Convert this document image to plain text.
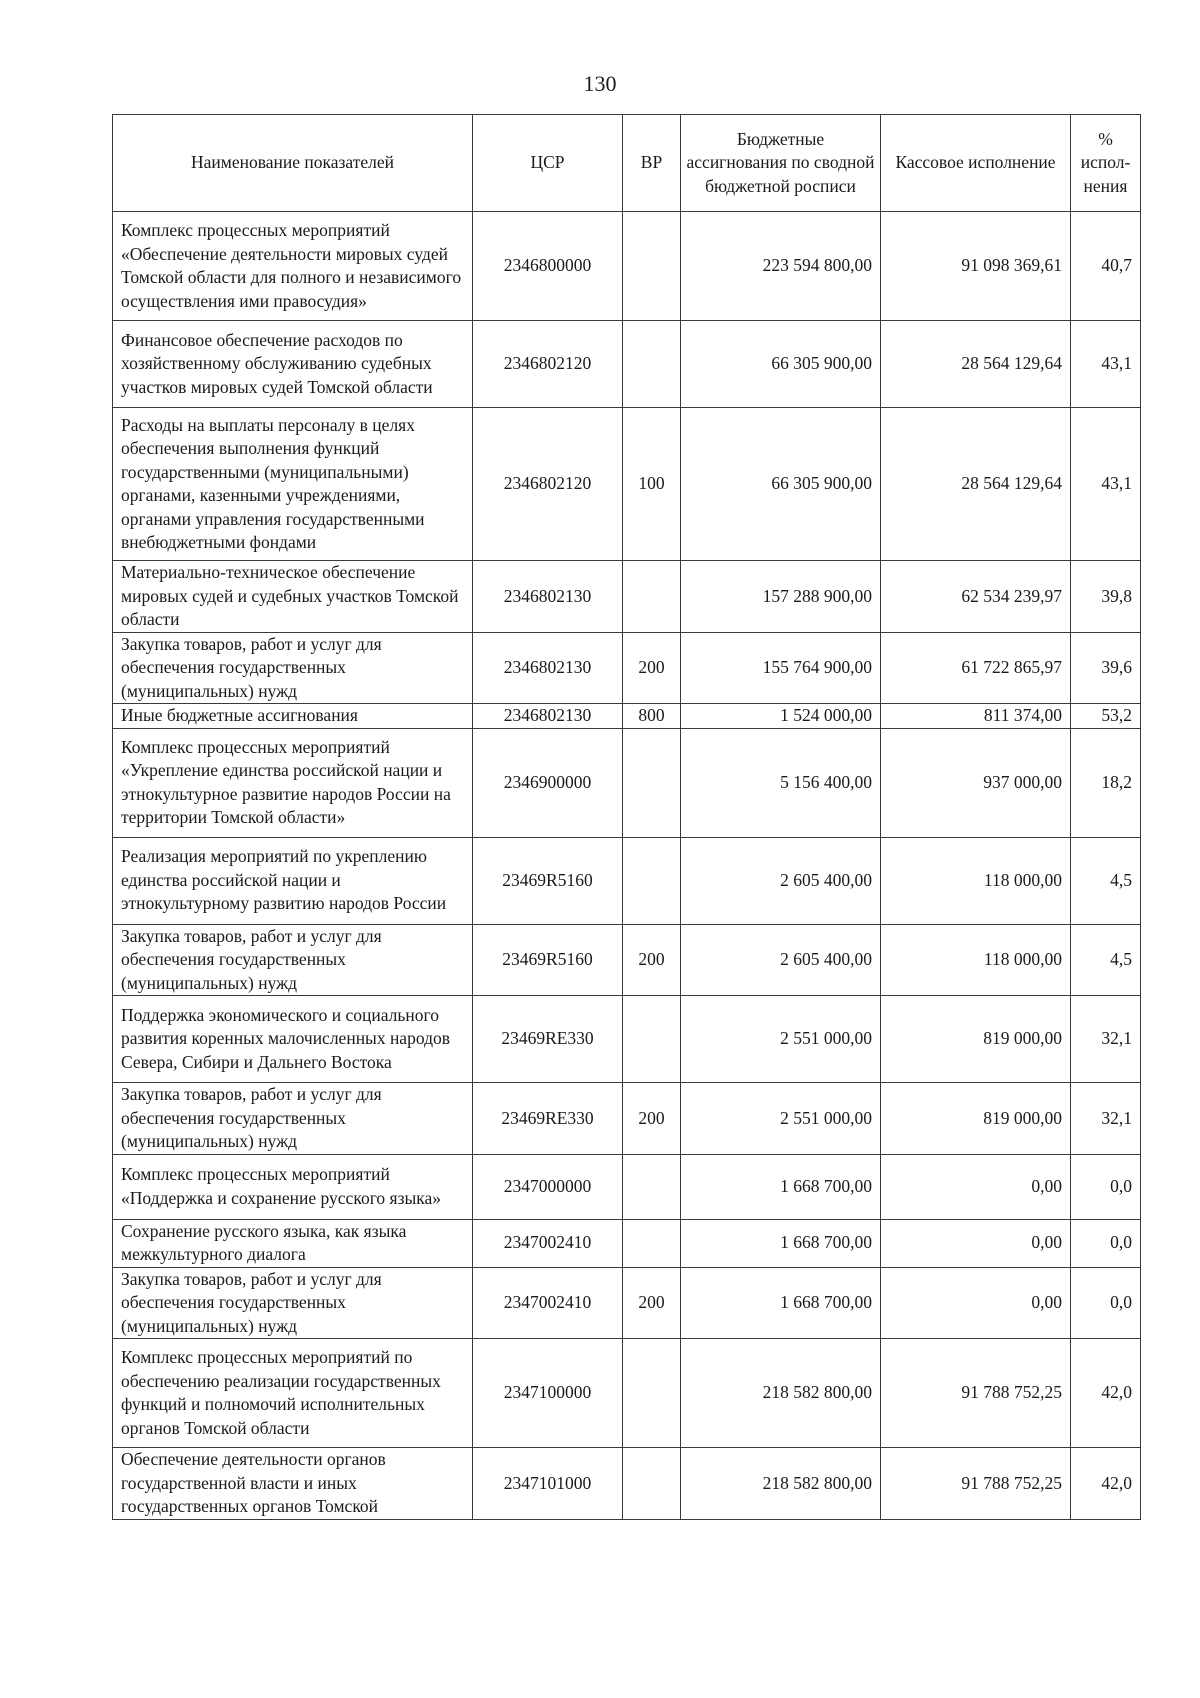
130
Наименование показателей	ЦСР	ВР	Бюджетные ассигнования по сводной бюджетной росписи	Кассовое исполнение	% испол-нения
Комплекс процессных мероприятий «Обеспечение деятельности мировых судей Томской области для полного и независимого осуществления ими правосудия»	2346800000		223 594 800,00	91 098 369,61	40,7
Финансовое обеспечение расходов по хозяйственному обслуживанию судебных участков мировых судей Томской области	2346802120		66 305 900,00	28 564 129,64	43,1
Расходы на выплаты персоналу в целях обеспечения выполнения функций государственными (муниципальными) органами, казенными учреждениями, органами управления государственными внебюджетными фондами	2346802120	100	66 305 900,00	28 564 129,64	43,1
Материально-техническое обеспечение мировых судей и судебных участков Томской области	2346802130		157 288 900,00	62 534 239,97	39,8
Закупка товаров, работ и услуг для обеспечения государственных (муниципальных) нужд	2346802130	200	155 764 900,00	61 722 865,97	39,6
Иные бюджетные ассигнования	2346802130	800	1 524 000,00	811 374,00	53,2
Комплекс процессных мероприятий «Укрепление единства российской нации и этнокультурное развитие народов России на территории Томской области»	2346900000		5 156 400,00	937 000,00	18,2
Реализация мероприятий по укреплению единства российской нации и этнокультурному развитию народов России	23469R5160		2 605 400,00	118 000,00	4,5
Закупка товаров, работ и услуг для обеспечения государственных (муниципальных) нужд	23469R5160	200	2 605 400,00	118 000,00	4,5
Поддержка экономического и социального развития коренных малочисленных народов Севера, Сибири и Дальнего Востока	23469RE330		2 551 000,00	819 000,00	32,1
Закупка товаров, работ и услуг для обеспечения государственных (муниципальных) нужд	23469RE330	200	2 551 000,00	819 000,00	32,1
Комплекс процессных мероприятий «Поддержка и сохранение русского языка»	2347000000		1 668 700,00	0,00	0,0
Сохранение русского языка, как языка межкультурного диалога	2347002410		1 668 700,00	0,00	0,0
Закупка товаров, работ и услуг для обеспечения государственных (муниципальных) нужд	2347002410	200	1 668 700,00	0,00	0,0
Комплекс процессных мероприятий по обеспечению реализации государственных функций и полномочий исполнительных органов Томской области	2347100000		218 582 800,00	91 788 752,25	42,0
Обеспечение деятельности органов государственной власти и иных государственных органов Томской	2347101000		218 582 800,00	91 788 752,25	42,0
